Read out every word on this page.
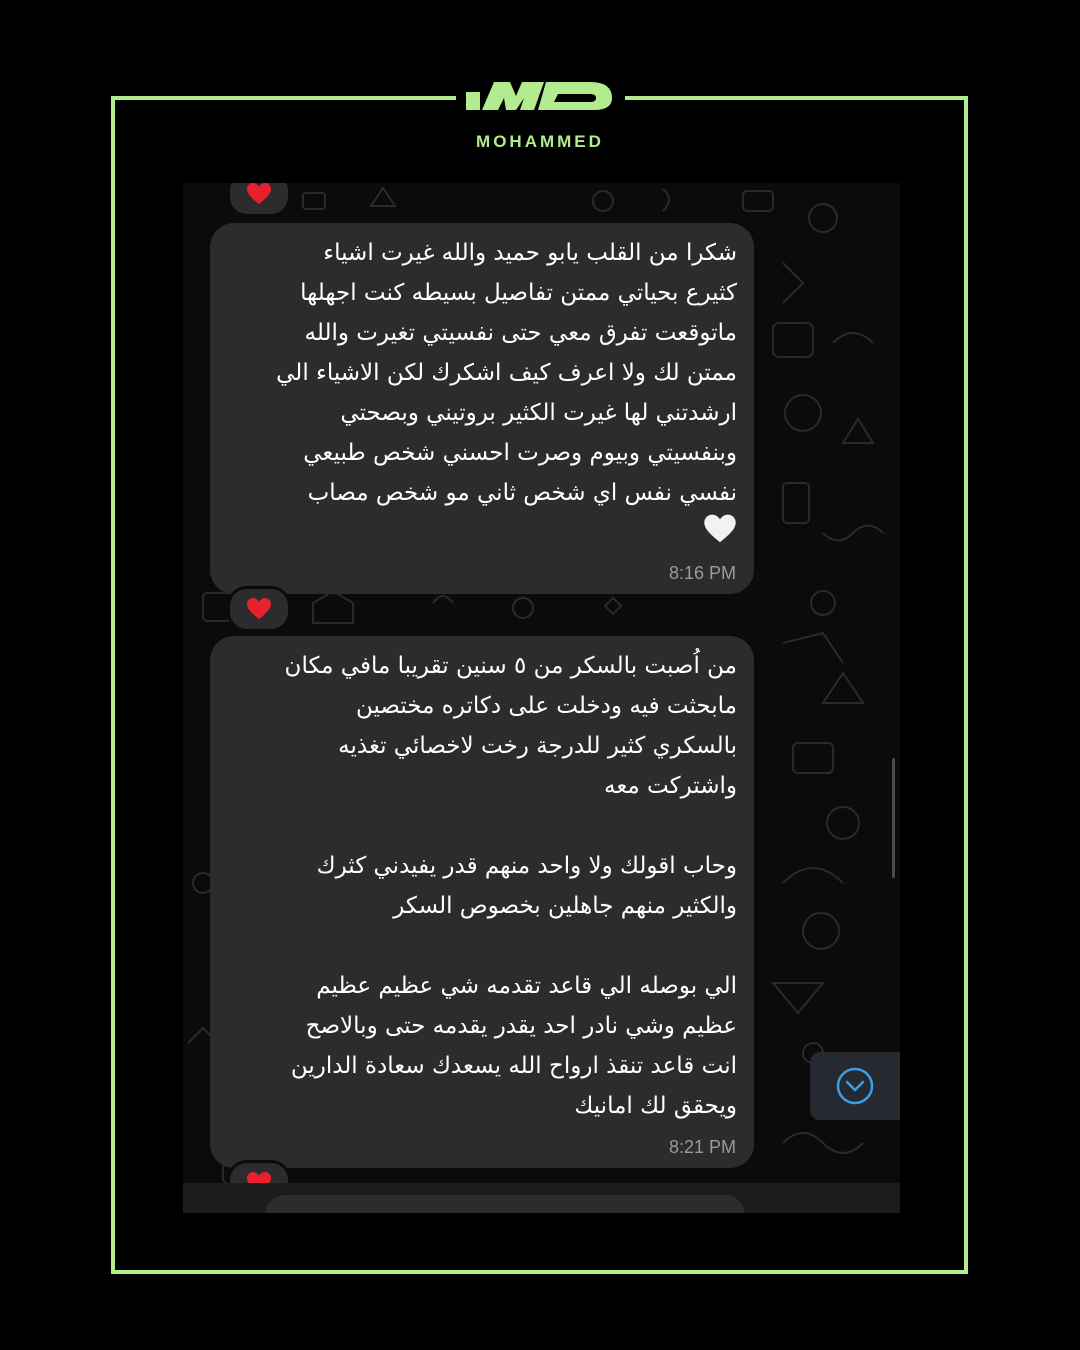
MOHAMMED
شكرا من القلب يابو حميد والله غيرت اشياء
كثيرع بحياتي ممتن تفاصيل بسيطه كنت اجهلها
ماتوقعت تفرق معي حتى نفسيتي تغيرت والله
ممتن لك ولا اعرف كيف اشكرك لكن الاشياء الي
ارشدتني لها غيرت الكثير بروتيني وبصحتي
وبنفسيتي وبيوم وصرت احسني شخص طبيعي
نفسي نفس اي شخص ثاني مو شخص مصاب
8:16 PM
من اُصبت بالسكر من ٥ سنين تقريبا مافي مكان
مابحثت فيه ودخلت على دكاتره مختصين
بالسكري كثير للدرجة رخت لاخصائي تغذيه
واشتركت معه

وحاب اقولك ولا واحد منهم قدر يفيدني كثرك
والكثير منهم جاهلين بخصوص السكر

الي بوصله الي قاعد تقدمه شي عظيم عظيم
عظيم وشي نادر احد يقدر يقدمه حتى وبالاصح
انت قاعد تنقذ ارواح الله يسعدك سعادة الدارين
ويحقق لك امانيك
8:21 PM
